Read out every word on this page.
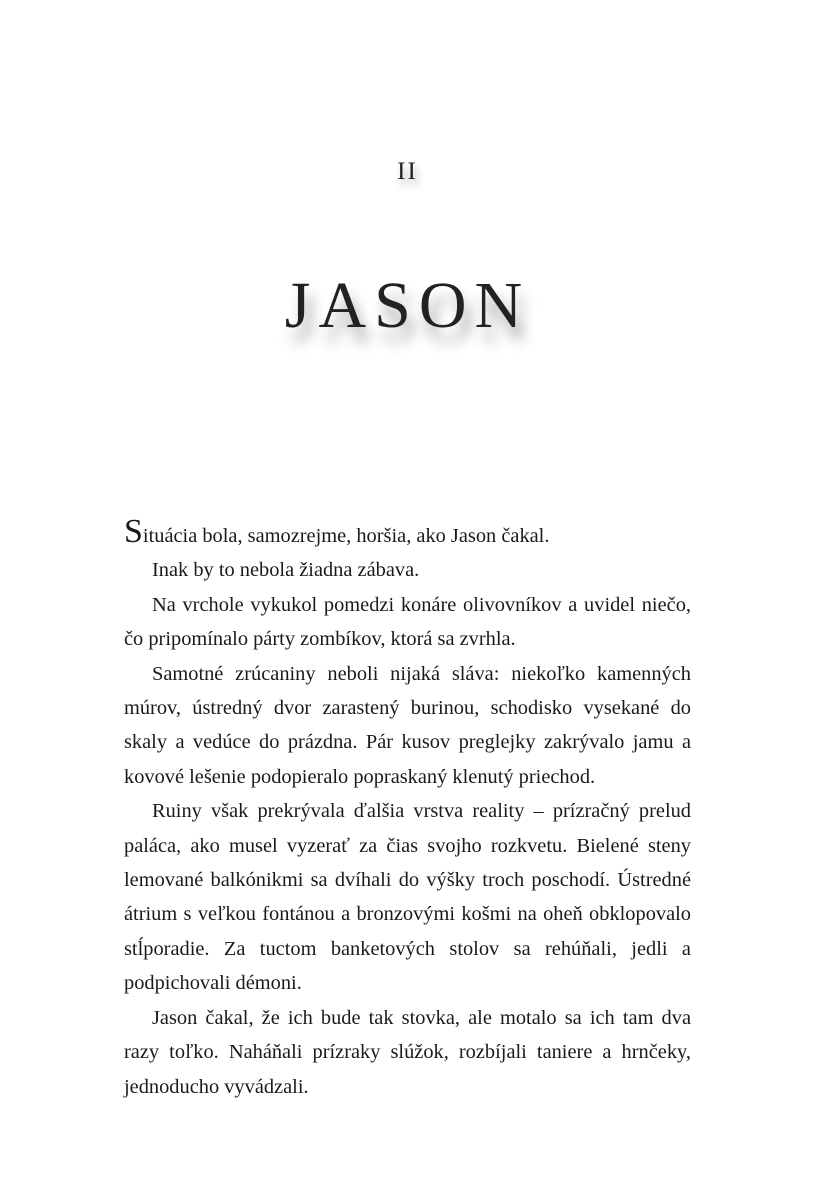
II
JASON

Situácia bola, samozrejme, horšia, ako Jason čakal.

Inak by to nebola žiadna zábava.

Na vrchole vykukol pomedzi konáre olivovníkov a uvidel niečo, čo pripomínalo párty zombíkov, ktorá sa zvrhla.

Samotné zrúcaniny neboli nijaká sláva: niekoľko kamenných múrov, ústredný dvor zarastený burinou, schodisko vysekané do skaly a vedúce do prázdna. Pár kusov preglejky zakrývalo jamu a kovové lešenie podopieralo popraskaný klenutý priechod.

Ruiny však prekrývala ďalšia vrstva reality – prízračný prelud paláca, ako musel vyzerať za čias svojho rozkvetu. Bielené steny lemované balkónikmi sa dvíhali do výšky troch poschodí. Ústredné átrium s veľkou fontánou a bronzovými košmi na oheň obklopovalo stĺporadie. Za tuctom banketových stolov sa rehúňali, jedli a podpichovali démoni.

Jason čakal, že ich bude tak stovka, ale motalo sa ich tam dva razy toľko. Naháňali prízraky slúžok, rozbíjali taniere a hrnčeky, jednoducho vyvádzali.
